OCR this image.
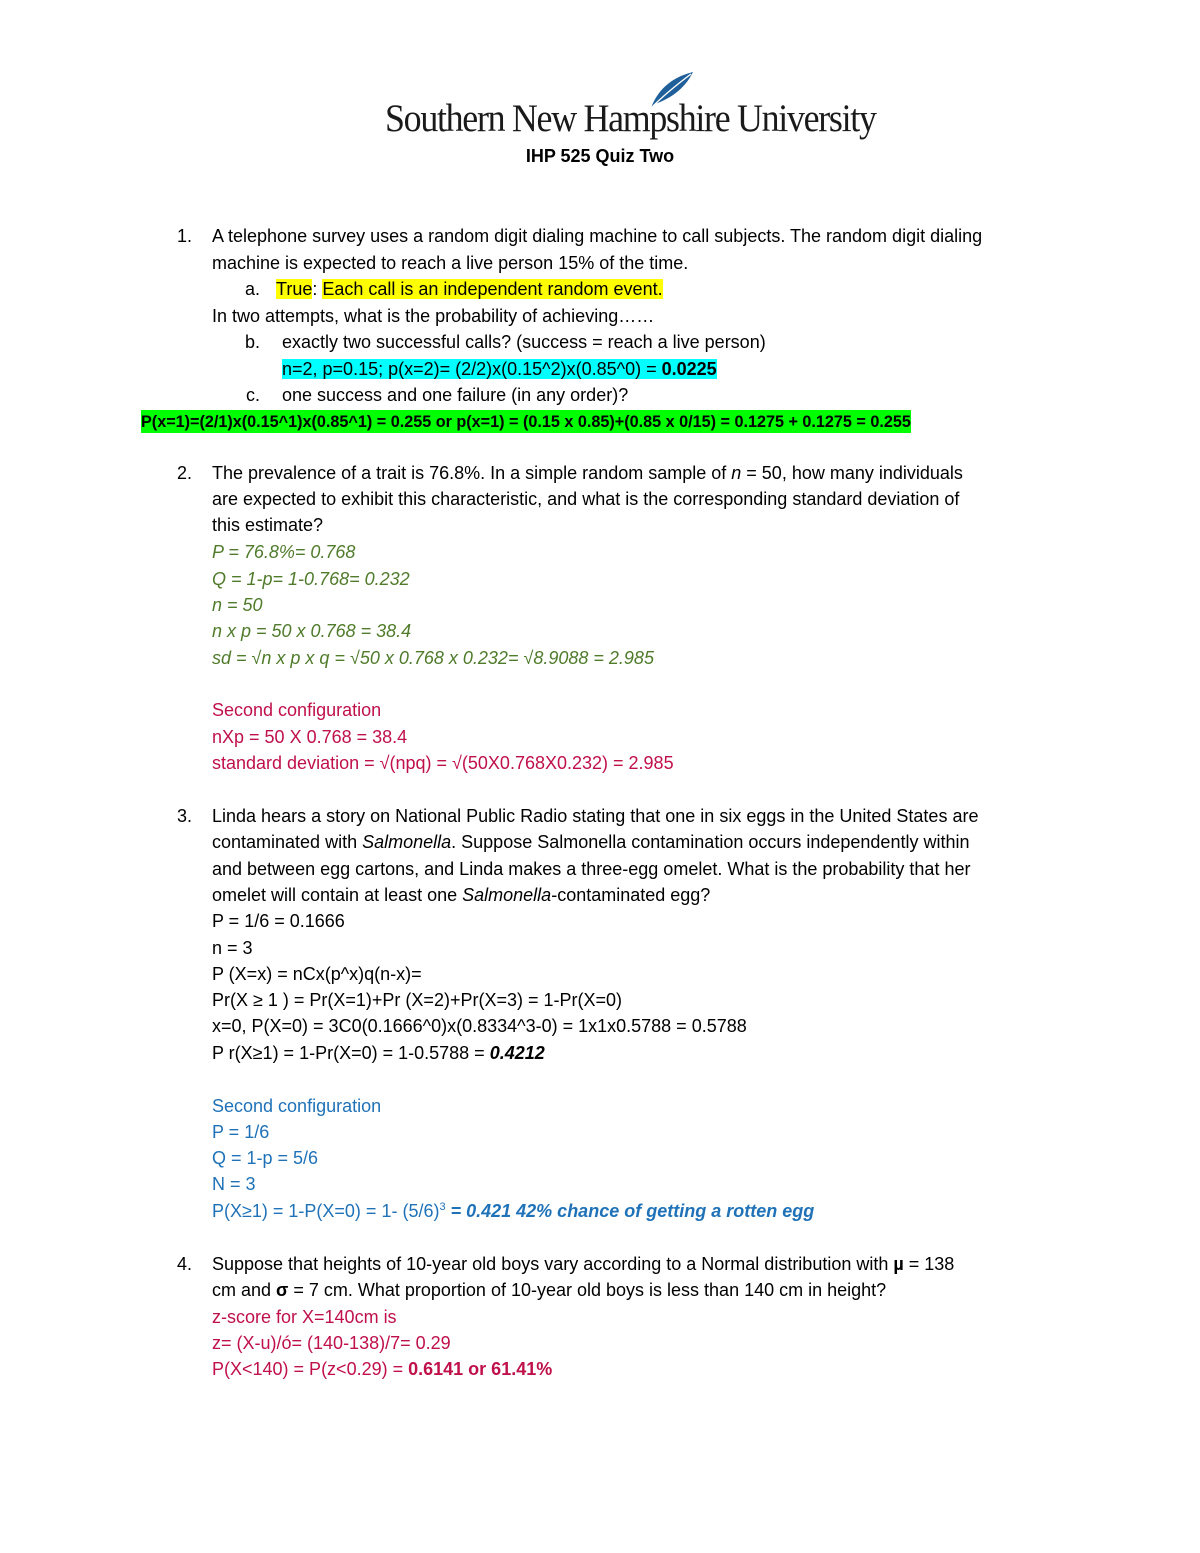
Southern New Hampshire University
IHP 525 Quiz Two
1. A telephone survey uses a random digit dialing machine to call subjects. The random digit dialing
machine is expected to reach a live person 15% of the time.
a. True: Each call is an independent random event.
In two attempts, what is the probability of achieving……
b. exactly two successful calls? (success = reach a live person)
n=2, p=0.15; p(x=2)= (2/2)x(0.15^2)x(0.85^0) = 0.0225
c. one success and one failure (in any order)?
P(x=1)=(2/1)x(0.15^1)x(0.85^1) = 0.255 or p(x=1) = (0.15 x 0.85)+(0.85 x 0/15) = 0.1275 + 0.1275 = 0.255
2. The prevalence of a trait is 76.8%. In a simple random sample of n = 50, how many individuals
are expected to exhibit this characteristic, and what is the corresponding standard deviation of
this estimate?
P = 76.8%= 0.768
Q = 1-p= 1-0.768= 0.232
n = 50
n x p = 50 x 0.768 = 38.4
sd = √n x p x q = √50 x 0.768 x 0.232= √8.9088 = 2.985
Second configuration
nXp = 50 X 0.768 = 38.4
standard deviation = √(npq) = √(50X0.768X0.232) = 2.985
3. Linda hears a story on National Public Radio stating that one in six eggs in the United States are
contaminated with Salmonella. Suppose Salmonella contamination occurs independently within
and between egg cartons, and Linda makes a three-egg omelet. What is the probability that her
omelet will contain at least one Salmonella-contaminated egg?
P = 1/6 = 0.1666
n = 3
P (X=x) = nCx(p^x)q(n-x)=
Pr(X ≥ 1 ) = Pr(X=1)+Pr (X=2)+Pr(X=3) = 1-Pr(X=0)
x=0, P(X=0) = 3C0(0.1666^0)x(0.8334^3-0) = 1x1x0.5788 = 0.5788
P r(X≥1) = 1-Pr(X=0) = 1-0.5788 = 0.4212
Second configuration
P = 1/6
Q = 1-p = 5/6
N = 3
P(X≥1) = 1-P(X=0) = 1- $(5/6)^3 = 0.421$ 42% chance of getting a rotten egg
4. Suppose that heights of 10-year old boys vary according to a Normal distribution with µ = 138
cm and σ = 7 cm. What proportion of 10-year old boys is less than 140 cm in height?
z-score for X=140cm is
z= (X-u)/ó= (140-138)/7= 0.29
P(X<140) = P(z<0.29) = 0.6141 or 61.41%
